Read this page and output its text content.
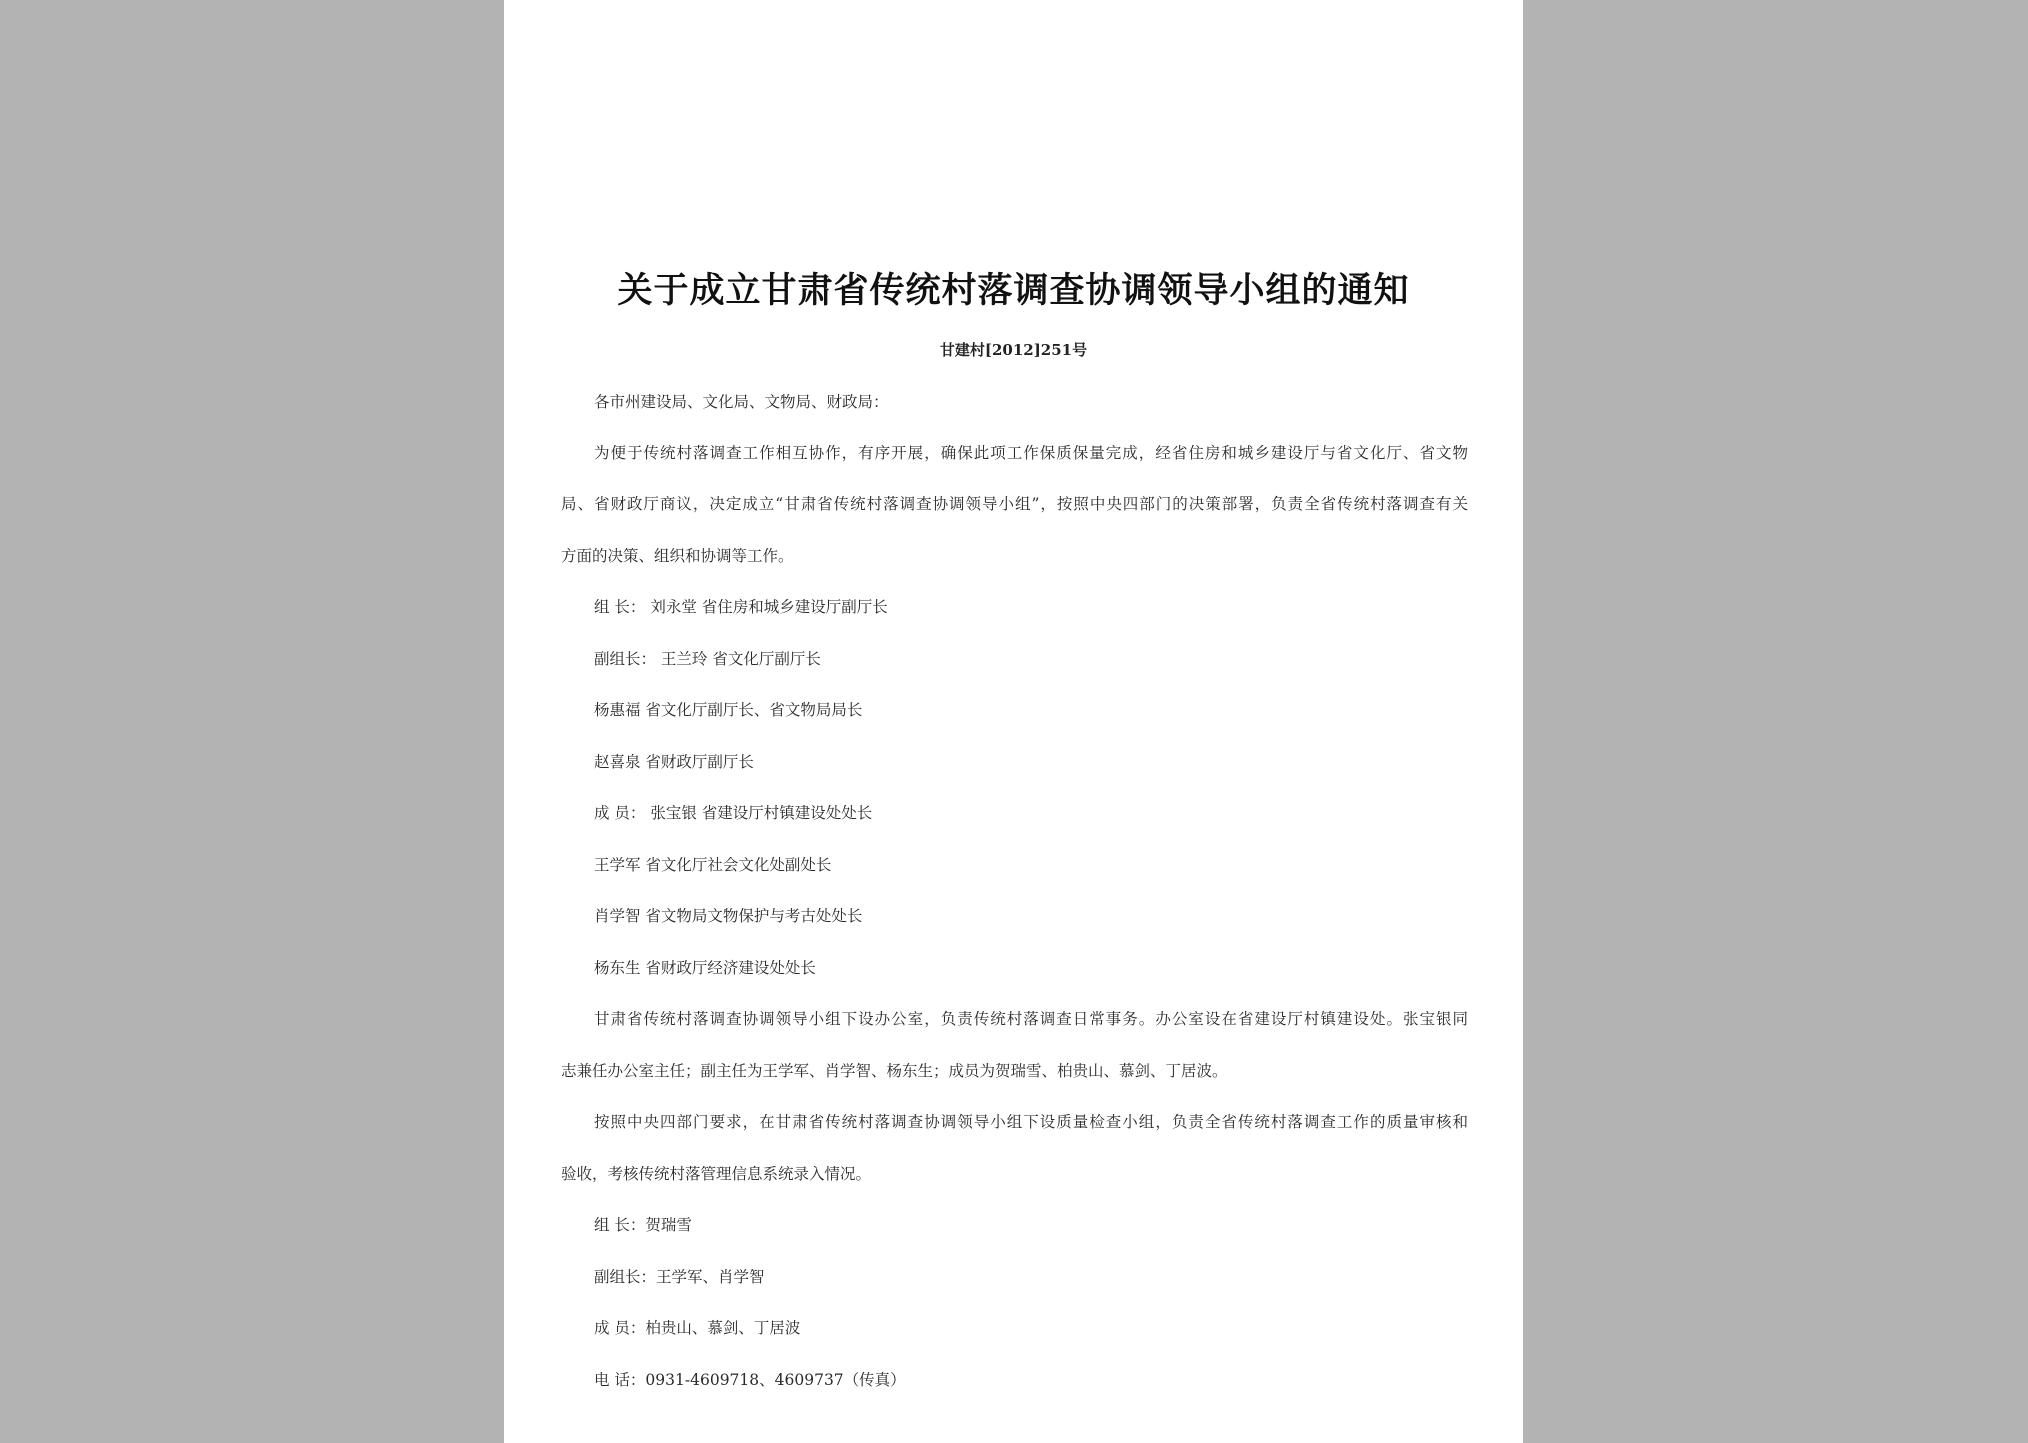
关于成立甘肃省传统村落调查协调领导小组的通知

甘建村[2012]251号

各市州建设局、文化局、文物局、财政局：

为便于传统村落调查工作相互协作，有序开展，确保此项工作保质保量完成，经省住房和城乡建设厅与省文化厅、省文物

局、省财政厅商议，决定成立“甘肃省传统村落调查协调领导小组”，按照中央四部门的决策部署，负责全省传统村落调查有关

方面的决策、组织和协调等工作。

组 长： 刘永堂 省住房和城乡建设厅副厅长

副组长： 王兰玲 省文化厅副厅长

杨惠福 省文化厅副厅长、省文物局局长

赵喜泉 省财政厅副厅长

成 员： 张宝银 省建设厅村镇建设处处长

王学军 省文化厅社会文化处副处长

肖学智 省文物局文物保护与考古处处长

杨东生 省财政厅经济建设处处长

甘肃省传统村落调查协调领导小组下设办公室，负责传统村落调查日常事务。办公室设在省建设厅村镇建设处。张宝银同

志兼任办公室主任；副主任为王学军、肖学智、杨东生；成员为贺瑞雪、柏贵山、慕剑、丁居波。

按照中央四部门要求，在甘肃省传统村落调查协调领导小组下设质量检查小组，负责全省传统村落调查工作的质量审核和

验收，考核传统村落管理信息系统录入情况。

组 长：贺瑞雪

副组长：王学军、肖学智

成 员：柏贵山、慕剑、丁居波

电 话：0931-4609718、4609737（传真）
